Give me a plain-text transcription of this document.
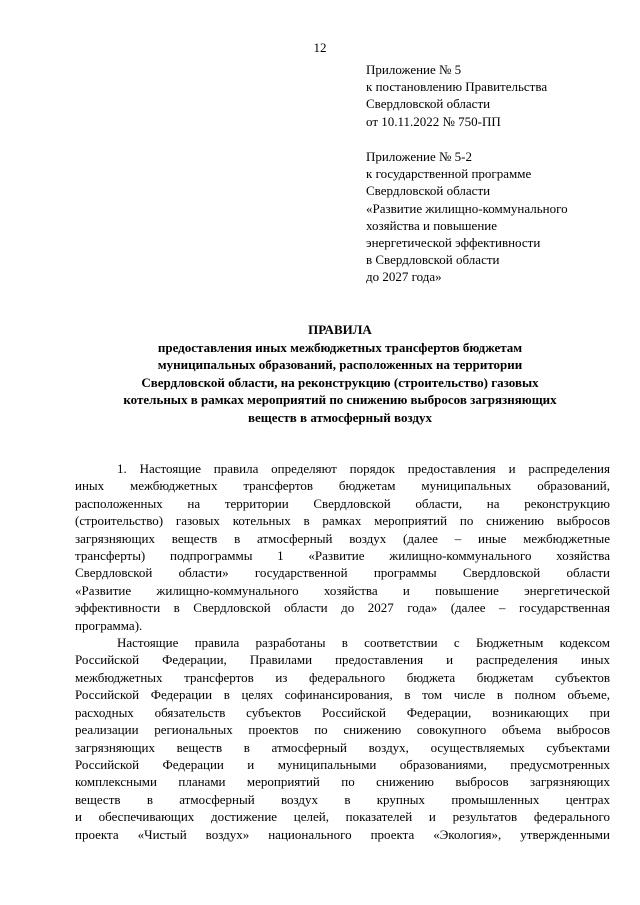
12
Приложение № 5
к постановлению Правительства
Свердловской области
от 10.11.2022 № 750-ПП
Приложение № 5-2
к государственной программе
Свердловской области
«Развитие жилищно-коммунального
хозяйства и повышение
энергетической эффективности
в Свердловской области
до 2027 года»
ПРАВИЛА
предоставления иных межбюджетных трансфертов бюджетам
муниципальных образований, расположенных на территории
Свердловской области, на реконструкцию (строительство) газовых
котельных в рамках мероприятий по снижению выбросов загрязняющих
веществ в атмосферный воздух
1. Настоящие правила определяют порядок предоставления и распределения
иных межбюджетных трансфертов бюджетам муниципальных образований,
расположенных на территории Свердловской области, на реконструкцию
(строительство) газовых котельных в рамках мероприятий по снижению выбросов
загрязняющих веществ в атмосферный воздух (далее – иные межбюджетные
трансферты) подпрограммы 1 «Развитие жилищно-коммунального хозяйства
Свердловской области» государственной программы Свердловской области
«Развитие жилищно-коммунального хозяйства и повышение энергетической
эффективности в Свердловской области до 2027 года» (далее – государственная
программа).
Настоящие правила разработаны в соответствии с Бюджетным кодексом
Российской Федерации, Правилами предоставления и распределения иных
межбюджетных трансфертов из федерального бюджета бюджетам субъектов
Российской Федерации в целях софинансирования, в том числе в полном объеме,
расходных обязательств субъектов Российской Федерации, возникающих при
реализации региональных проектов по снижению совокупного объема выбросов
загрязняющих веществ в атмосферный воздух, осуществляемых субъектами
Российской Федерации и муниципальными образованиями, предусмотренных
комплексными планами мероприятий по снижению выбросов загрязняющих
веществ в атмосферный воздух в крупных промышленных центрах
и обеспечивающих достижение целей, показателей и результатов федерального
проекта «Чистый воздух» национального проекта «Экология», утвержденными
